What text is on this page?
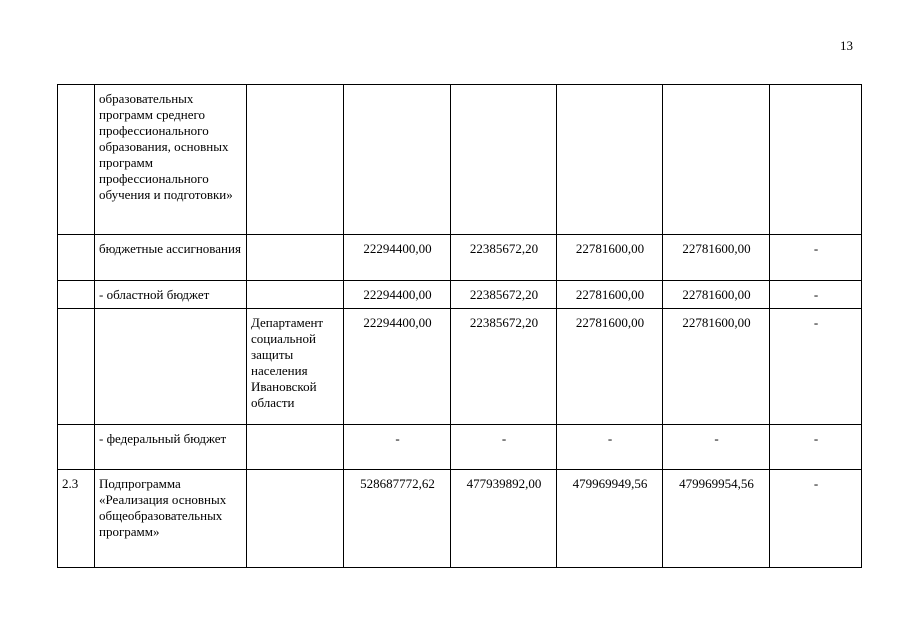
13
	образовательных программ среднего профессионального образования, основных программ профессионального обучения и подготовки»						
	бюджетные ассигнования		22294400,00	22385672,20	22781600,00	22781600,00	-
	- областной бюджет		22294400,00	22385672,20	22781600,00	22781600,00	-
		Департамент социальной защиты населения Ивановской области	22294400,00	22385672,20	22781600,00	22781600,00	-
	- федеральный бюджет		-	-	-	-	-
2.3	Подпрограмма «Реализация основных общеобразовательных программ»		528687772,62	477939892,00	479969949,56	479969954,56	-
